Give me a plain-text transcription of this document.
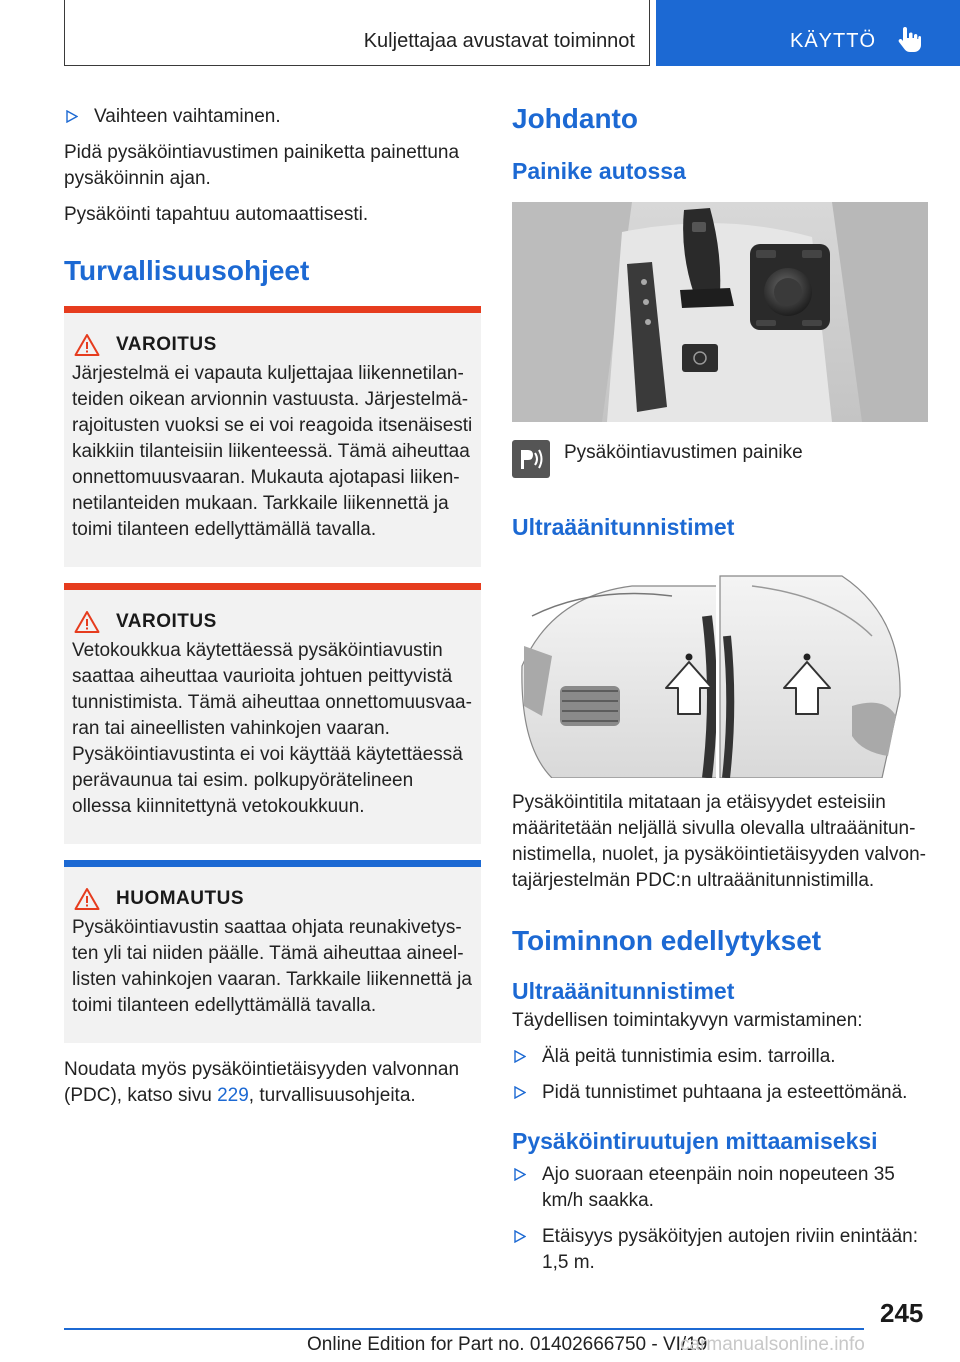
Kuljettajaa avustavat toiminnot	KÄYTTÖ
Vaihteen vaihtaminen.

Pidä pysäköintiavustimen painiketta painettuna pysäköinnin ajan.

Pysäköinti tapahtuu automaattisesti.

Turvallisuusohjeet
VAROITUS

Järjestelmä ei vapauta kuljettajaa liikennetilanteiden oikean arvionnin vastuusta. Järjestelmärajoitusten vuoksi se ei voi reagoida itsenäisesti kaikkiin tilanteisiin liikenteessä. Tämä aiheuttaa onnettomuusvaaran. Mukauta ajotapasi liikennetilanteiden mukaan. Tarkkaile liikennettä ja toimi tilanteen edellyttämällä tavalla.

VAROITUS

Vetokoukkua käytettäessä pysäköintiavustin saattaa aiheuttaa vaurioita johtuen peittyvistä tunnistimista. Tämä aiheuttaa onnettomuusvaaran tai aineellisten vahinkojen vaaran. Pysäköintiavustinta ei voi käyttää käytettäessä perävaunua tai esim. polkupyörätelineen ollessa kiinnitettynä vetokoukkuun.

HUOMAUTUS

Pysäköintiavustin saattaa ohjata reunakivetysten yli tai niiden päälle. Tämä aiheuttaa aineellisten vahinkojen vaaran. Tarkkaile liikennettä ja toimi tilanteen edellyttämällä tavalla.

Noudata myös pysäköintietäisyyden valvonnan (PDC), katso sivu 229, turvallisuusohjeita.

Johdanto
Painike autossa

Pysäköintiavustimen painike

Ultraäänitunnistimet

Pysäköintitila mitataan ja etäisyydet esteisiin määritetään neljällä sivulla olevalla ultraäänitunnistimella, nuolet, ja pysäköintietäisyyden valvontajärjestelmän PDC:n ultraäänitunnistimilla.

Toiminnon edellytykset
Ultraäänitunnistimet

Täydellisen toimintakyvyn varmistaminen:

Älä peitä tunnistimia esim. tarroilla.
Pidä tunnistimet puhtaana ja esteettömänä.
Pysäköintiruutujen mittaamiseksi
Ajo suoraan eteenpäin noin nopeuteen 35 km/h saakka.
Etäisyys pysäköityjen autojen riviin enintään: 1,5 m.
245
Online Edition for Part no. 01402666750 - VI/19
carmanualsonline.info
